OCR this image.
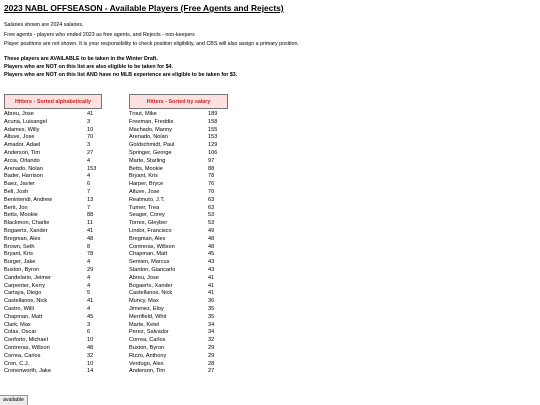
2023 NABL OFFSEASON - Available Players (Free Agents and Rejects)
Salaries shown are 2024 salaries.
Free agents - players who ended 2023 as free agents, and Rejects - non-keepers
Player positions are not shown. It is your responsibility to check position eligibility, and CBS will also assign a primary position.
These players are AVAILABLE to be taken in the Winter Draft.
Players who are NOT on this list are also eligible to be taken for $4.
Players who are NOT on this list AND have no MLB experience are eligible to be taken for $3.
Hitters - Sorted alphabetically	Hitters - Sorted by salary
Abreu, Jose	41
Acuna, Luisangel	3
Adames, Willy	10
Altuve, Jose	70
Amador, Adael	3
Anderson, Tim	27
Arcia, Orlando	4
Arenado, Nolan	153
Bader, Harrison	4
Baez, Javier	6
Bell, Josh	7
Benintendi, Andrew	13
Berti, Jon	7
Betts, Mookie	88
Blackmon, Charlie	11
Bogaerts, Xander	41
Bregman, Alex	48
Brown, Seth	8
Bryant, Kris	78
Burger, Jake	4
Buxton, Byron	29
Candelario, Jeimer	4
Carpenter, Kerry	4
Cartaya, Diego	5
Castellanos, Nick	41
Castro, Willi	4
Chapman, Matt	45
Clark, Max	3
Colas, Oscar	6
Conforto, Michael	10
Contreras, Willson	48
Correa, Carlos	32
Cron, C.J.	10
Cronenworth, Jake	14
Trout, Mike	189
Freeman, Freddie	158
Machado, Manny	155
Arenado, Nolan	153
Goldschmidt, Paul	129
Springer, George	106
Marte, Starling	97
Betts, Mookie	88
Bryant, Kris	78
Harper, Bryce	76
Altuve, Jose	70
Realmuto, J.T.	63
Turner, Trea	63
Seager, Corey	53
Torres, Gleyber	53
Lindor, Francisco	49
Bregman, Alex	48
Contreras, Willson	48
Chapman, Matt	45
Semien, Marcus	43
Stanton, Giancarlo	43
Abreu, Jose	41
Bogaerts, Xander	41
Castellanos, Nick	41
Muncy, Max	36
Jimenez, Eloy	35
Merrifield, Whit	35
Marte, Ketel	34
Perez, Salvador	34
Correa, Carlos	32
Buxton, Byron	29
Rizzo, Anthony	29
Verdugo, Alex	28
Anderson, Tim	27
available
